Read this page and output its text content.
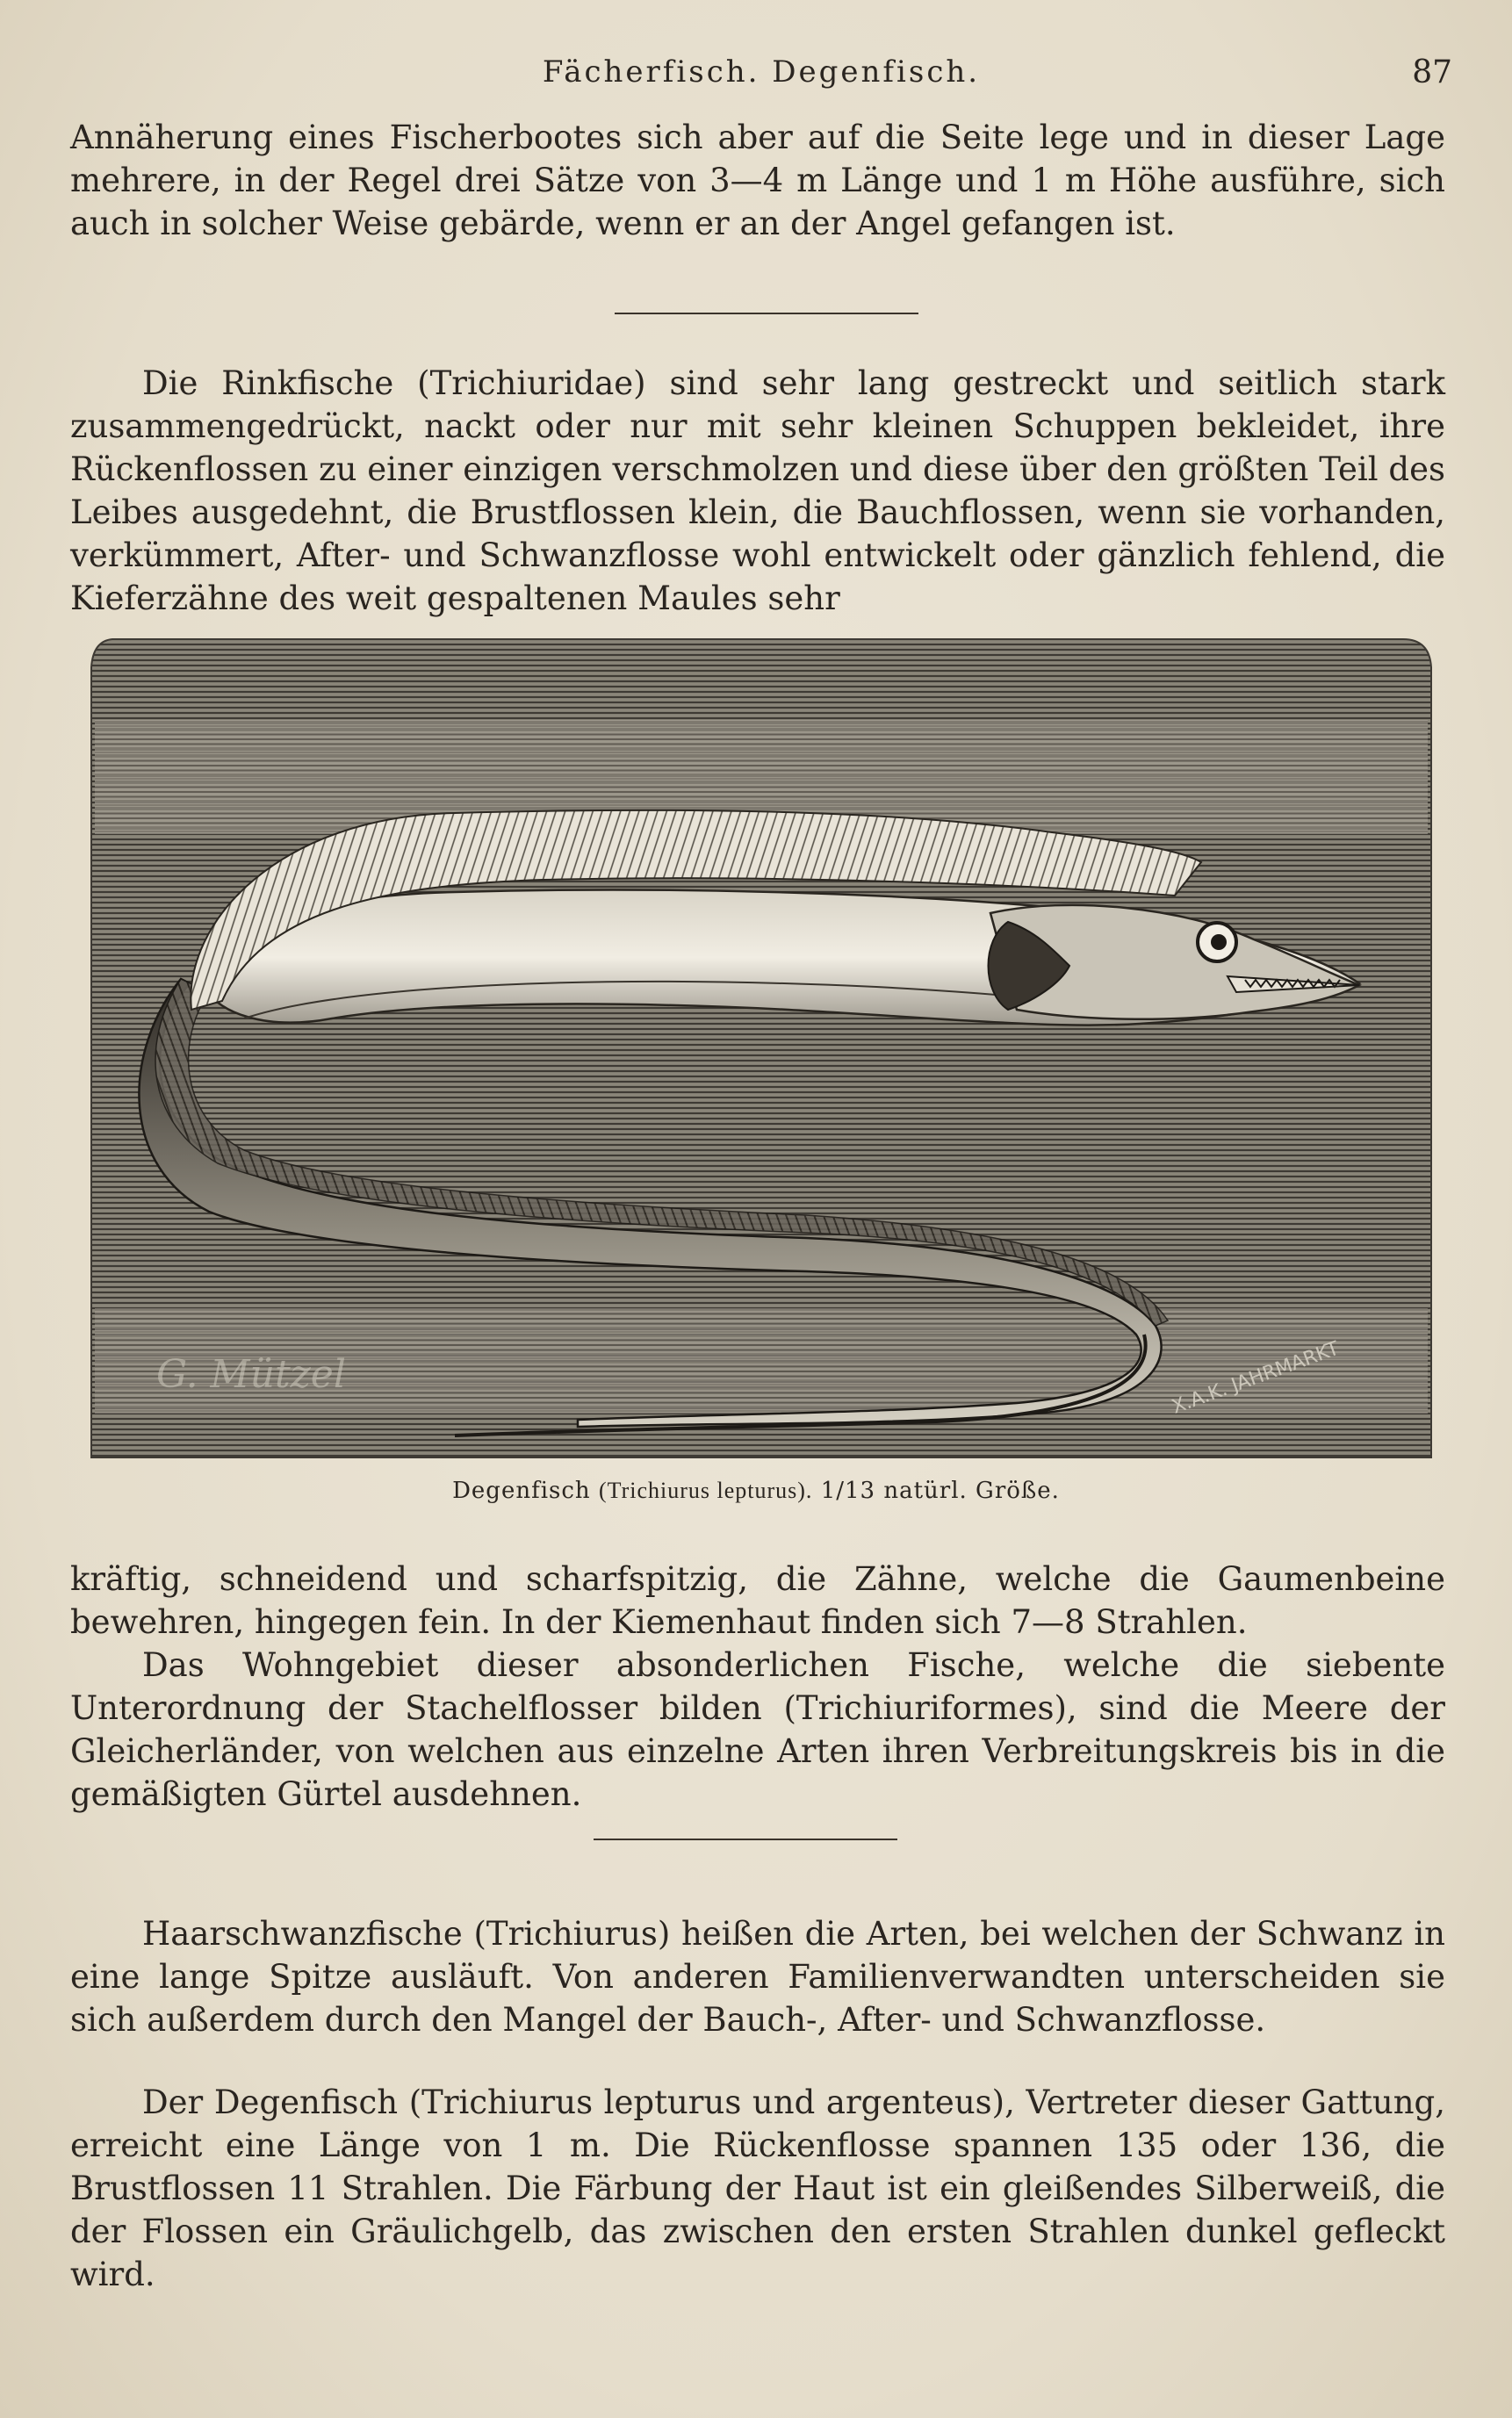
Fächerfisch. Degenfisch.	87

Annäherung eines Fischerbootes sich aber auf die Seite lege und in dieser Lage mehrere, in der Regel drei Sätze von 3—4 m Länge und 1 m Höhe ausführe, sich auch in solcher Weise gebärde, wenn er an der Angel gefangen ist.

Die Rinkfische (Trichiuridae) sind sehr lang gestreckt und seitlich stark zusammengedrückt, nackt oder nur mit sehr kleinen Schuppen bekleidet, ihre Rückenflossen zu einer einzigen verschmolzen und diese über den größten Teil des Leibes ausgedehnt, die Brustflossen klein, die Bauchflossen, wenn sie vorhanden, verkümmert, After- und Schwanzflosse wohl entwickelt oder gänzlich fehlend, die Kieferzähne des weit gespaltenen Maules sehr

G. Mützel	X.A.K. JAHRMARKT
Degenfisch (Trichiurus lepturus). 1/13 natürl. Größe.

kräftig, schneidend und scharfspitzig, die Zähne, welche die Gaumenbeine bewehren, hingegen fein. In der Kiemenhaut finden sich 7—8 Strahlen.

Das Wohngebiet dieser absonderlichen Fische, welche die siebente Unterordnung der Stachelflosser bilden (Trichiuriformes), sind die Meere der Gleicherländer, von welchen aus einzelne Arten ihren Verbreitungskreis bis in die gemäßigten Gürtel ausdehnen.

Haarschwanzfische (Trichiurus) heißen die Arten, bei welchen der Schwanz in eine lange Spitze ausläuft. Von anderen Familienverwandten unterscheiden sie sich außerdem durch den Mangel der Bauch-, After- und Schwanzflosse.

Der Degenfisch (Trichiurus lepturus und argenteus), Vertreter dieser Gattung, erreicht eine Länge von 1 m. Die Rückenflosse spannen 135 oder 136, die Brustflossen 11 Strahlen. Die Färbung der Haut ist ein gleißendes Silberweiß, die der Flossen ein Gräulichgelb, das zwischen den ersten Strahlen dunkel gefleckt wird.
